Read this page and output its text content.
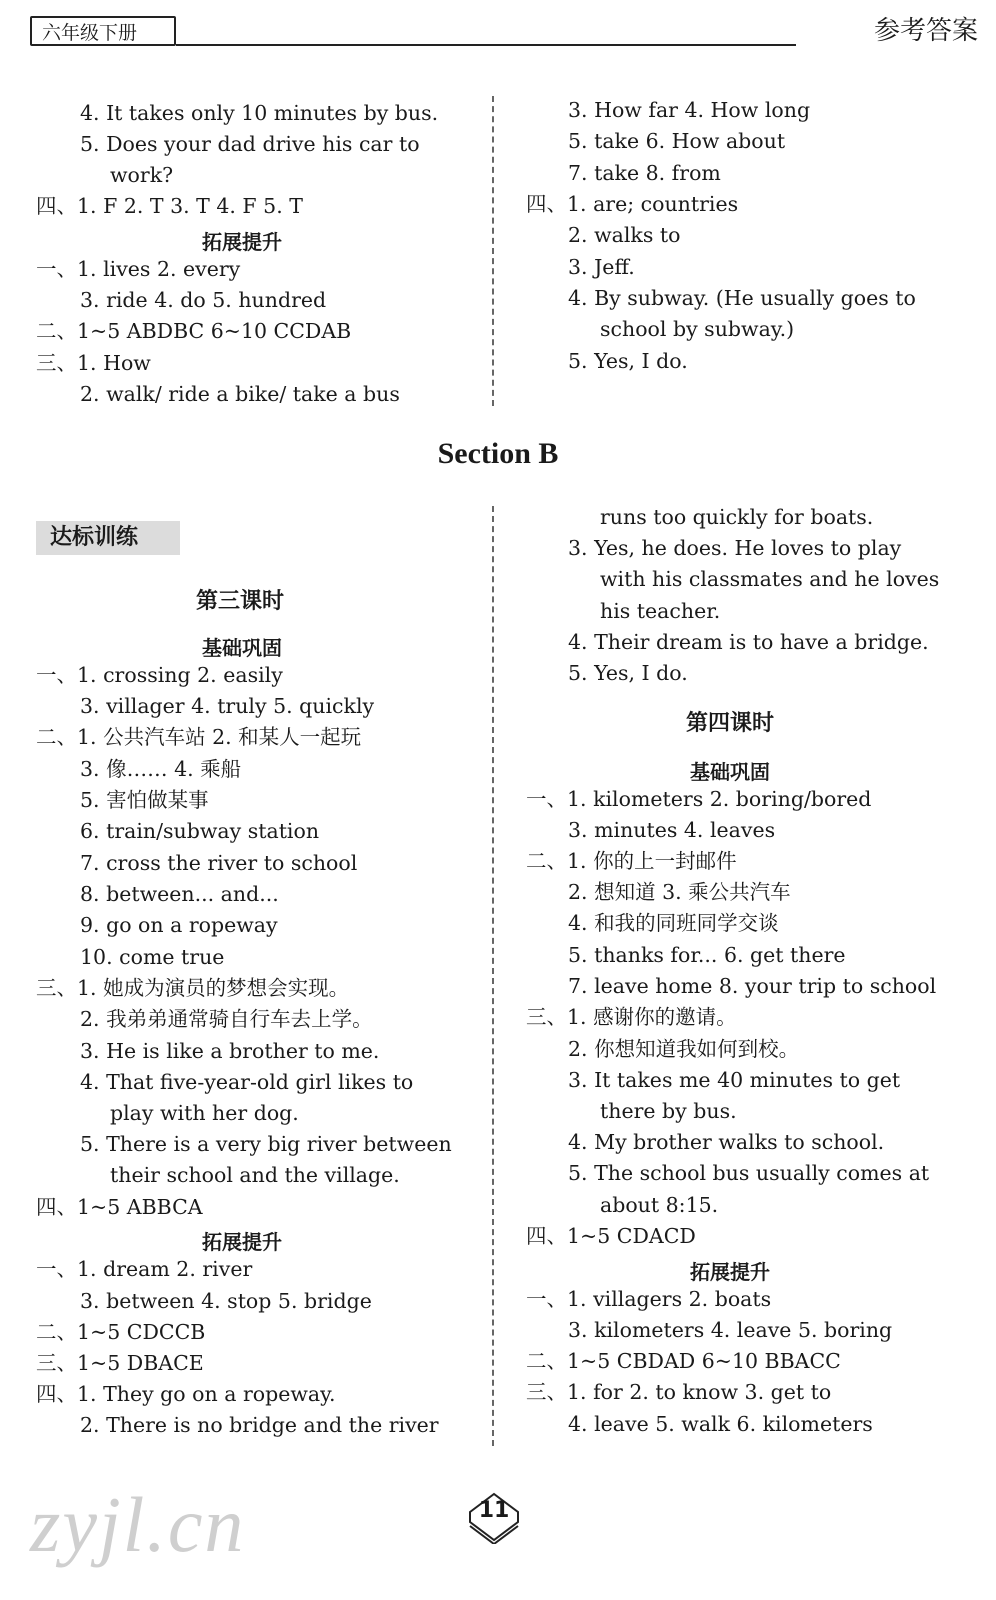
六年级下册	参考答案
4. It takes only 10 minutes by bus.
5. Does your dad drive his car to
work?
四、1. F 2. T 3. T 4. F 5. T
拓展提升
一、1. lives 2. every
3. ride 4. do 5. hundred
二、1~5 ABDBC 6~10 CCDAB
三、1. How
2. walk/ ride a bike/ take a bus
3. How far 4. How long
5. take 6. How about
7. take 8. from
四、1. are; countries
2. walks to
3. Jeff.
4. By subway. (He usually goes to
school by subway.)
5. Yes, I do.
Section B
达标训练
第三课时
基础巩固
一、1. crossing 2. easily
3. villager 4. truly 5. quickly
二、1. 公共汽车站 2. 和某人一起玩
3. 像…… 4. 乘船
5. 害怕做某事
6. train/subway station
7. cross the river to school
8. between... and...
9. go on a ropeway
10. come true
三、1. 她成为演员的梦想会实现。
2. 我弟弟通常骑自行车去上学。
3. He is like a brother to me.
4. That five-year-old girl likes to
play with her dog.
5. There is a very big river between
their school and the village.
四、1~5 ABBCA
拓展提升
一、1. dream 2. river
3. between 4. stop 5. bridge
二、1~5 CDCCB
三、1~5 DBACE
四、1. They go on a ropeway.
2. There is no bridge and the river
runs too quickly for boats.
3. Yes, he does. He loves to play
with his classmates and he loves
his teacher.
4. Their dream is to have a bridge.
5. Yes, I do.
第四课时
基础巩固
一、1. kilometers 2. boring/bored
3. minutes 4. leaves
二、1. 你的上一封邮件
2. 想知道 3. 乘公共汽车
4. 和我的同班同学交谈
5. thanks for... 6. get there
7. leave home 8. your trip to school
三、1. 感谢你的邀请。
2. 你想知道我如何到校。
3. It takes me 40 minutes to get
there by bus.
4. My brother walks to school.
5. The school bus usually comes at
about 8:15.
四、1~5 CDACD
拓展提升
一、1. villagers 2. boats
3. kilometers 4. leave 5. boring
二、1~5 CBDAD 6~10 BBACC
三、1. for 2. to know 3. get to
4. leave 5. walk 6. kilometers
zyjl.cn	11
